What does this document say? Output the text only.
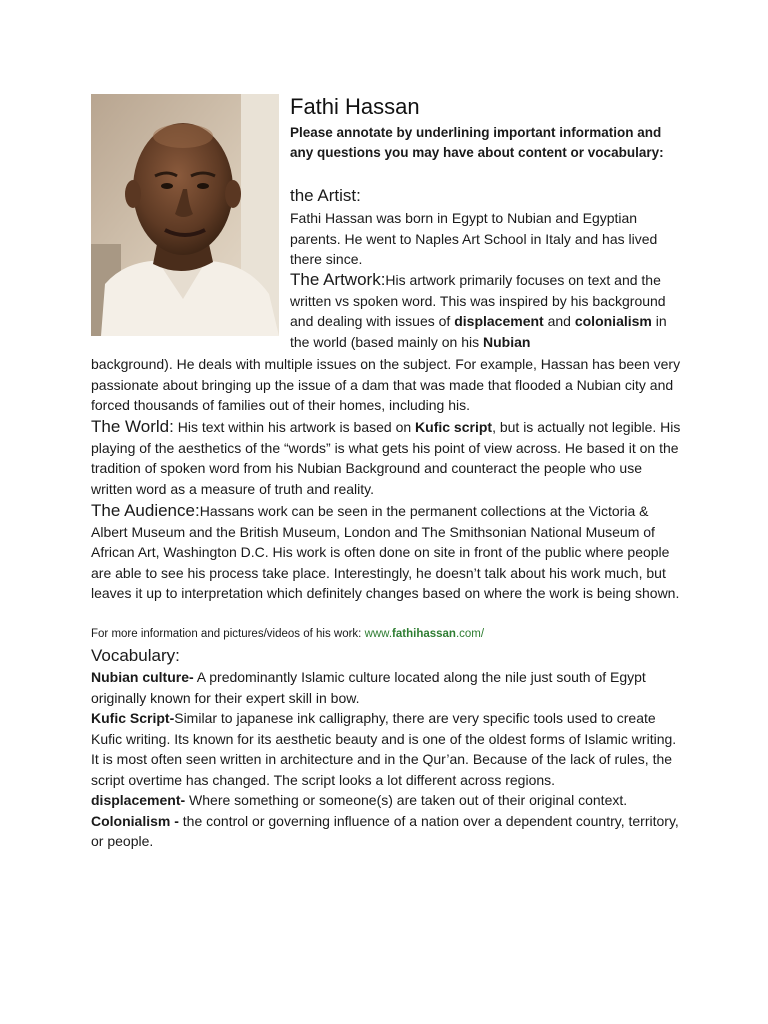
Fathi Hassan
Please annotate by underlining important information and any questions you may have about content or vocabulary:
the Artist:
Fathi Hassan was born in Egypt to Nubian and Egyptian parents. He went to Naples Art School in Italy and has lived there since.
The Artwork:His artwork primarily focuses on text and the written vs spoken word. This was inspired by his background and dealing with issues of displacement and colonialism in the world (based mainly on his Nubian
background). He deals with multiple issues on the subject. For example, Hassan has been very passionate about bringing up the issue of a dam that was made that flooded a Nubian city and forced thousands of families out of their homes, including his.
The World: His text within his artwork is based on Kufic script, but is actually not legible. His playing of the aesthetics of the “words” is what gets his point of view across. He based it on the tradition of spoken word from his Nubian Background and counteract the people who use written word as a measure of truth and reality.
The Audience:Hassans work can be seen in the permanent collections at the Victoria & Albert Museum and the British Museum, London and The Smithsonian National Museum of African Art, Washington D.C. His work is often done on site in front of the public where people are able to see his process take place. Interestingly, he doesn’t talk about his work much, but leaves it up to interpretation which definitely changes based on where the work is being shown.
For more information and pictures/videos of his work: www.fathihassan.com/
Vocabulary:
Nubian culture- A predominantly Islamic culture located along the nile just south of Egypt originally known for their expert skill in bow.
Kufic Script-Similar to japanese ink calligraphy, there are very specific tools used to create Kufic writing. Its known for its aesthetic beauty and is one of the oldest forms of Islamic writing. It is most often seen written in architecture and in the Qur’an. Because of the lack of rules, the script overtime has changed. The script looks a lot different across regions.
displacement- Where something or someone(s) are taken out of their original context.
Colonialism - the control or governing influence of a nation over a dependent country, territory, or people.
